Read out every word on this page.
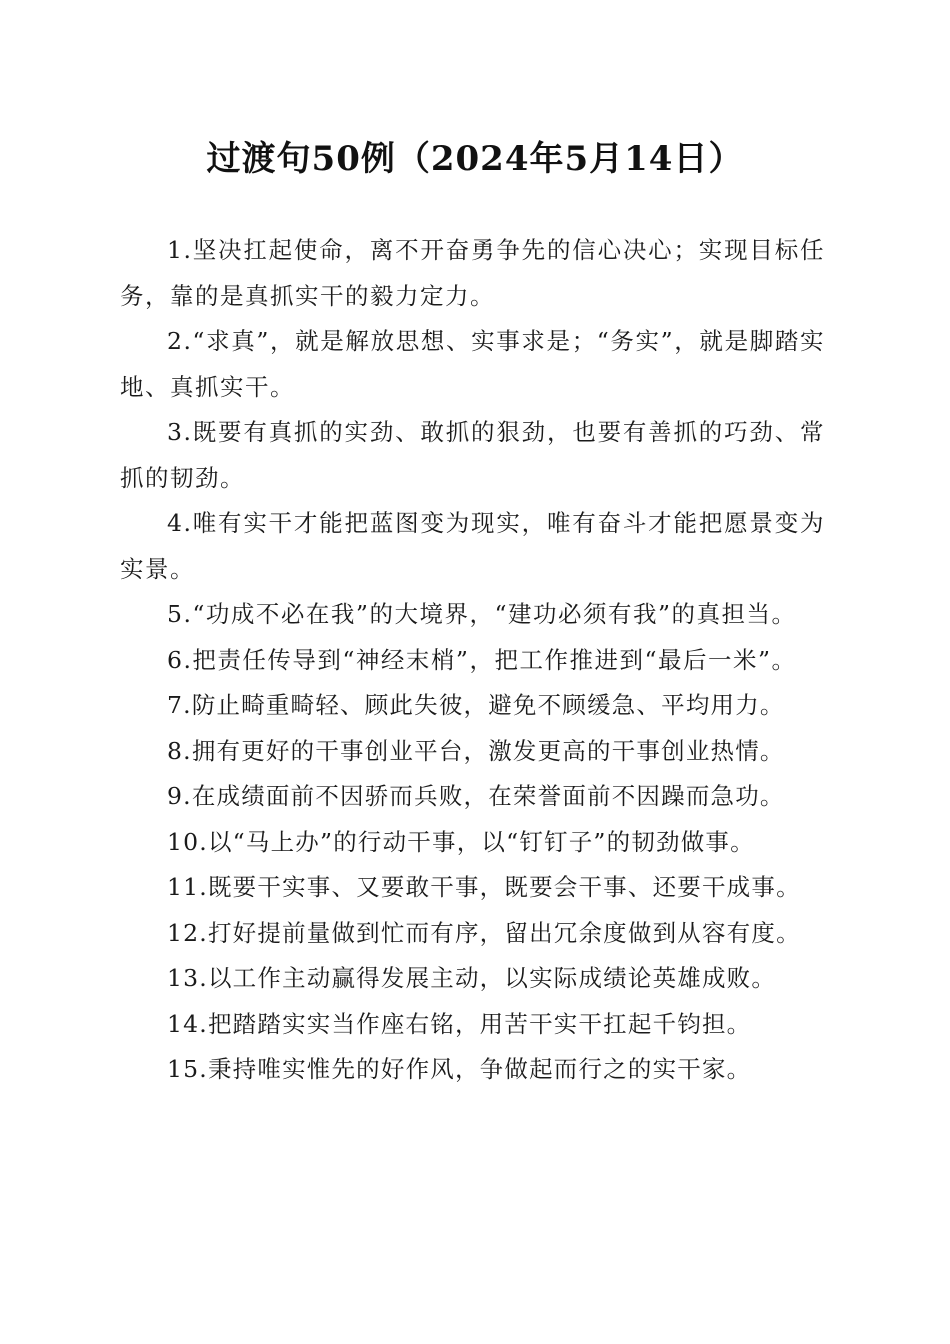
过渡句50例（2024年5月14日）

1.坚决扛起使命，离不开奋勇争先的信心决心；实现目标任务，靠的是真抓实干的毅力定力。

2.“求真”，就是解放思想、实事求是；“务实”，就是脚踏实地、真抓实干。

3.既要有真抓的实劲、敢抓的狠劲，也要有善抓的巧劲、常抓的韧劲。

4.唯有实干才能把蓝图变为现实，唯有奋斗才能把愿景变为实景。

5.“功成不必在我”的大境界，“建功必须有我”的真担当。

6.把责任传导到“神经末梢”，把工作推进到“最后一米”。

7.防止畸重畸轻、顾此失彼，避免不顾缓急、平均用力。

8.拥有更好的干事创业平台，激发更高的干事创业热情。

9.在成绩面前不因骄而兵败，在荣誉面前不因躁而急功。

10.以“马上办”的行动干事，以“钉钉子”的韧劲做事。

11.既要干实事、又要敢干事，既要会干事、还要干成事。

12.打好提前量做到忙而有序，留出冗余度做到从容有度。

13.以工作主动赢得发展主动，以实际成绩论英雄成败。

14.把踏踏实实当作座右铭，用苦干实干扛起千钧担。

15.秉持唯实惟先的好作风，争做起而行之的实干家。
